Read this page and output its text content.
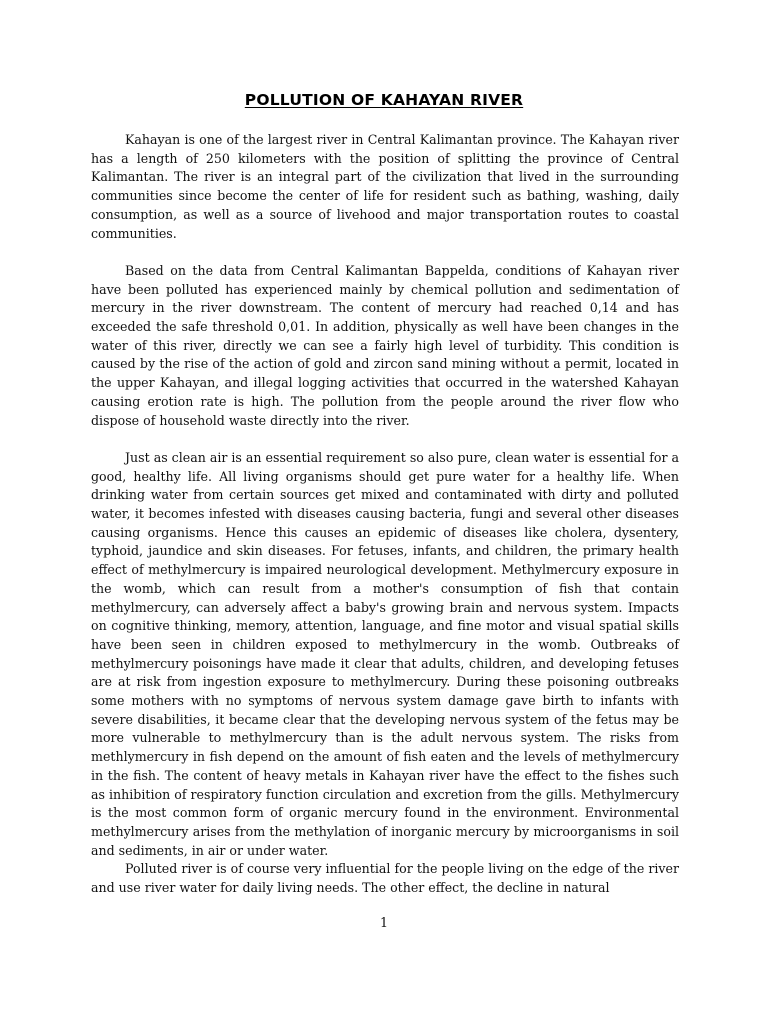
POLLUTION OF KAHAYAN RIVER

Kahayan is one of the largest river in Central Kalimantan province. The Kahayan river has a length of 250 kilometers with the position of splitting the province of Central Kalimantan. The river is an integral part of the civilization that lived in the surrounding communities since become the center of life for resident such as bathing, washing, daily consumption, as well as a source of livehood and major transportation routes to coastal communities.

Based on the data from Central Kalimantan Bappelda, conditions of Kahayan river have been polluted has experienced mainly by chemical pollution and sedimentation of mercury in the river downstream. The content of mercury had reached 0,14 and has exceeded the safe threshold 0,01. In addition, physically as well have been changes in the water of this river, directly we can see a fairly high level of turbidity. This condition is caused by the rise of the action of gold and zircon sand mining without a permit, located in the upper Kahayan, and illegal logging activities that occurred in the watershed Kahayan causing erotion rate is high. The pollution from the people around the river flow who dispose of household waste directly into the river.

Just as clean air is an essential requirement so also pure, clean water is essential for a good, healthy life. All living organisms should get pure water for a healthy life. When drinking water from certain sources get mixed and contaminated with dirty and polluted water, it becomes infested with diseases causing bacteria, fungi and several other diseases causing organisms. Hence this causes an epidemic of diseases like cholera, dysentery, typhoid, jaundice and skin diseases. For fetuses, infants, and children, the primary health effect of methylmercury is impaired neurological development. Methylmercury exposure in the womb, which can result from a mother's consumption of fish that contain methylmercury, can adversely affect a baby's growing brain and nervous system. Impacts on cognitive thinking, memory, attention, language, and fine motor and visual spatial skills have been seen in children exposed to methylmercury in the womb. Outbreaks of methylmercury poisonings have made it clear that adults, children, and developing fetuses are at risk from ingestion exposure to methylmercury. During these poisoning outbreaks some mothers with no symptoms of nervous system damage gave birth to infants with severe disabilities, it became clear that the developing nervous system of the fetus may be more vulnerable to methylmercury than is the adult nervous system. The risks from methlymercury in fish depend on the amount of fish eaten and the levels of methylmercury in the fish. The content of heavy metals in Kahayan river have the effect to the fishes such as inhibition of respiratory function circulation and excretion from the gills. Methylmercury is the most common form of organic mercury found in the environment. Environmental methylmercury arises from the methylation of inorganic mercury by microorganisms in soil and sediments, in air or under water.

Polluted river is of course very influential for the people living on the edge of the river and use river water for daily living needs. The other effect, the decline in natural

1
